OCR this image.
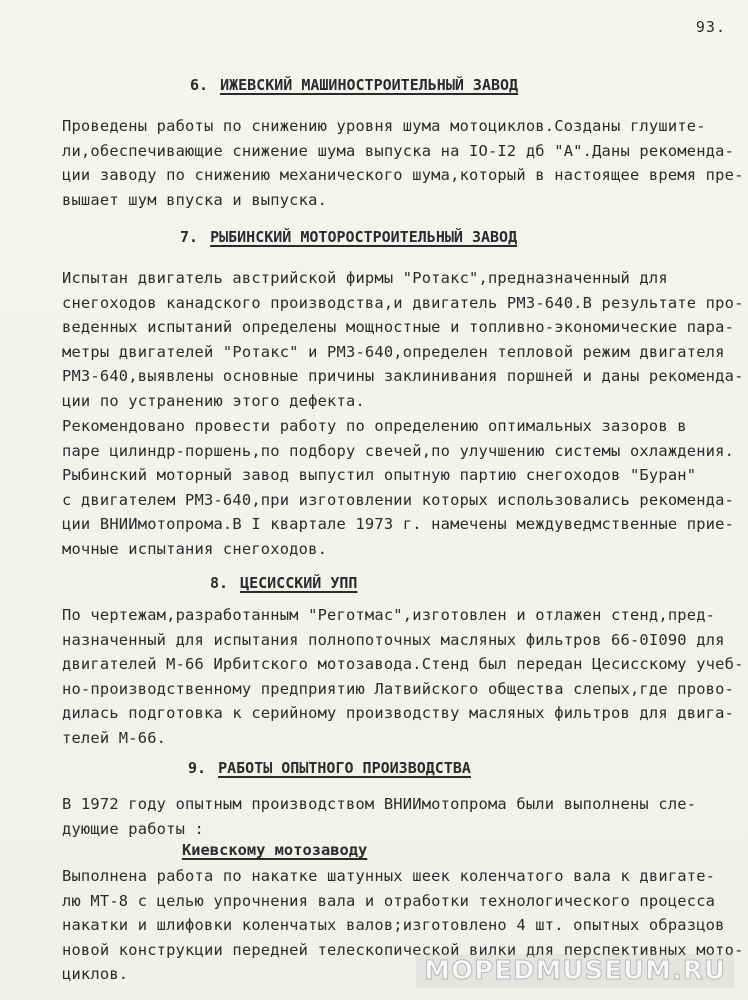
93.
6. ИЖЕВСКИЙ МАШИНОСТРОИТЕЛЬНЫЙ ЗАВОД
Проведены работы по снижению уровня шума мотоциклов.Созданы глушите-
ли,обеспечивающие снижение шума выпуска на IO-I2 дб "А".Даны рекоменда-
ции заводу по снижению механического шума,который в настоящее время пре-
вышает шум впуска и выпуска.
7. РЫБИНСКИЙ МОТОРОСТРОИТЕЛЬНЫЙ ЗАВОД
Испытан двигатель австрийской фирмы "Ротакс",предназначенный для
снегоходов канадского производства,и двигатель РМЗ-640.В результате про-
веденных испытаний определены мощностные и топливно-экономические пара-
метры двигателей "Ротакс" и РМЗ-640,определен тепловой режим двигателя
РМЗ-640,выявлены основные причины заклинивания поршней и даны рекоменда-
ции по устранению этого дефекта.
Рекомендовано провести работу по определению оптимальных зазоров в
паре цилиндр-поршень,по подбору свечей,по улучшению системы охлаждения.
Рыбинский моторный завод выпустил опытную партию снегоходов "Буран"
с двигателем РМЗ-640,при изготовлении которых использовались рекоменда-
ции ВНИИмотопрома.В I квартале 1973 г. намечены междуведмственные прие-
мочные испытания снегоходов.
8. ЦЕСИССКИЙ УПП
По чертежам,разработанным "Реготмас",изготовлен и отлажен стенд,пред-
назначенный для испытания полнопоточных масляных фильтров 66-0I090 для
двигателей М-66 Ирбитского мотозавода.Стенд был передан Цесисскому учеб-
но-производственному предприятию Латвийского общества слепых,где прово-
дилась подготовка к серийному производству масляных фильтров для двига-
телей М-66.
9. РАБОТЫ ОПЫТНОГО ПРОИЗВОДСТВА
В 1972 году опытным производством ВНИИмотопрома были выполнены сле-
дующие работы :
Киевскому мотозаводу
Выполнена работа по накатке шатунных шеек коленчатого вала к двигате-
лю МТ-8 с целью упрочнения вала и отработки технологического процесса
накатки и шлифовки коленчатых валов;изготовлено 4 шт. опытных образцов
новой конструкции передней телескопической вилки для перспективных мото-
циклов.	MOPEDMUSEUM.RU
